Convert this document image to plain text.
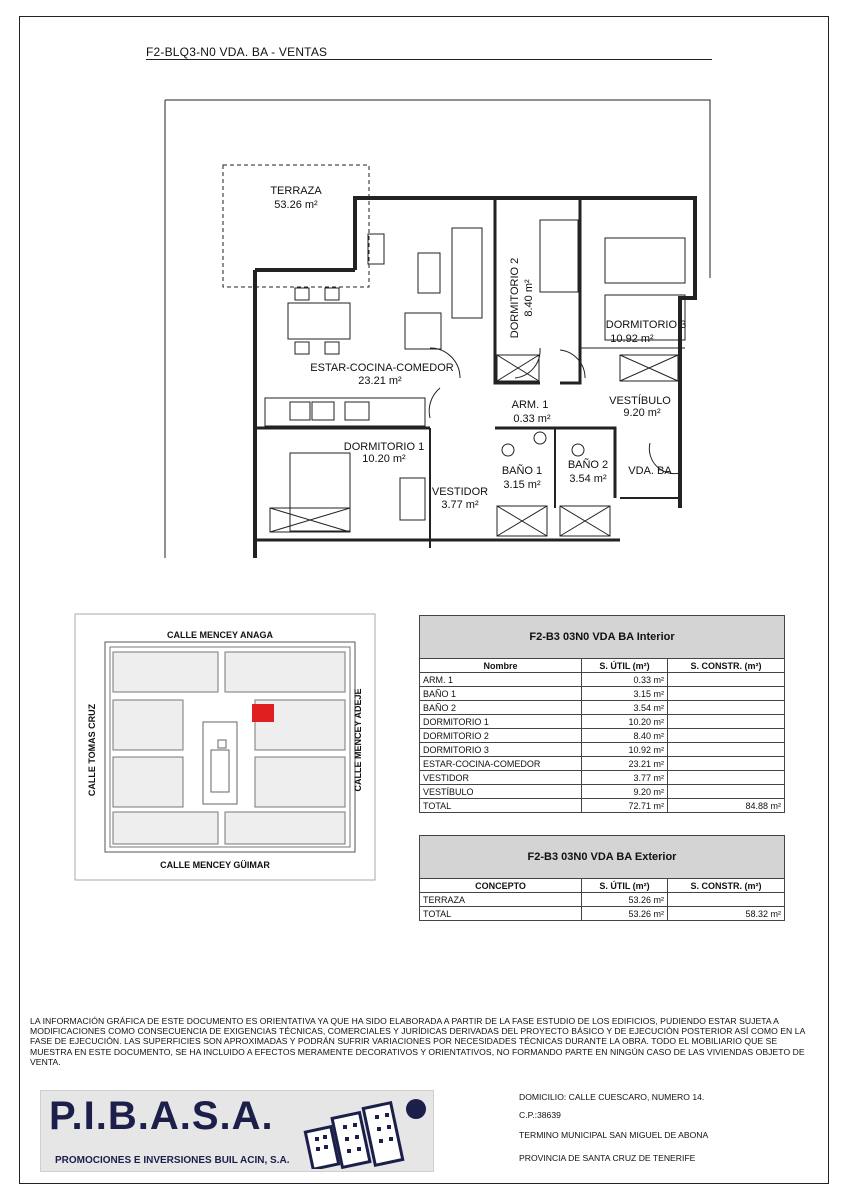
F2-BLQ3-N0 VDA. BA - VENTAS
TERRAZA
53.26 m²
DORMITORIO 2 8.40 m²
DORMITORIO 3
10.92 m²
ESTAR-COCINA-COMEDOR
23.21 m²
ARM. 1
0.33 m²
VESTÍBULO
9.20 m²
DORMITORIO 1
10.20 m²
BAÑO 1
3.15 m²
BAÑO 2
3.54 m²
VESTIDOR
3.77 m²
VDA. BA
CALLE MENCEY ANAGA
CALLE MENCEY GÜIMAR
CALLE TOMAS CRUZ	CALLE MENCEY ADEJE
F2-B3 03N0 VDA BA Interior		
Nombre	S. ÚTIL (m²)	S. CONSTR. (m²)
ARM. 1	0.33 m²	
BAÑO 1	3.15 m²	
BAÑO 2	3.54 m²	
DORMITORIO 1	10.20 m²	
DORMITORIO 2	8.40 m²	
DORMITORIO 3	10.92 m²	
ESTAR-COCINA-COMEDOR	23.21 m²	
VESTIDOR	3.77 m²	
VESTÍBULO	9.20 m²	
TOTAL	72.71 m²	84.88 m²
F2-B3 03N0 VDA BA Exterior		
CONCEPTO	S. ÚTIL (m²)	S. CONSTR. (m²)
TERRAZA	53.26 m²	
TOTAL	53.26 m²	58.32 m²
LA INFORMACIÓN GRÁFICA DE ESTE DOCUMENTO ES ORIENTATIVA YA QUE HA SIDO ELABORADA A PARTIR DE LA FASE ESTUDIO DE LOS EDIFICIOS, PUDIENDO ESTAR SUJETA A MODIFICACIONES COMO CONSECUENCIA DE EXIGENCIAS TÉCNICAS, COMERCIALES Y JURÍDICAS DERIVADAS DEL PROYECTO BÁSICO Y DE EJECUCIÓN POSTERIOR ASÍ COMO EN LA FASE DE EJECUCIÓN. LAS SUPERFICIES SON APROXIMADAS Y PODRÁN SUFRIR VARIACIONES POR NECESIDADES TÉCNICAS DURANTE LA OBRA. TODO EL MOBILIARIO QUE SE MUESTRA EN ESTE DOCUMENTO, SE HA INCLUIDO A EFECTOS MERAMENTE DECORATIVOS Y ORIENTATIVOS, NO FORMANDO PARTE EN NINGÚN CASO DE LAS VIVIENDAS OBJETO DE VENTA.
P.I.B.A.S.A.
PROMOCIONES E INVERSIONES BUIL ACIN, S.A.
DOMICILIO: CALLE CUESCARO, NUMERO 14.
C.P.:38639
TERMINO MUNICIPAL SAN MIGUEL DE ABONA
PROVINCIA DE SANTA CRUZ DE TENERIFE
